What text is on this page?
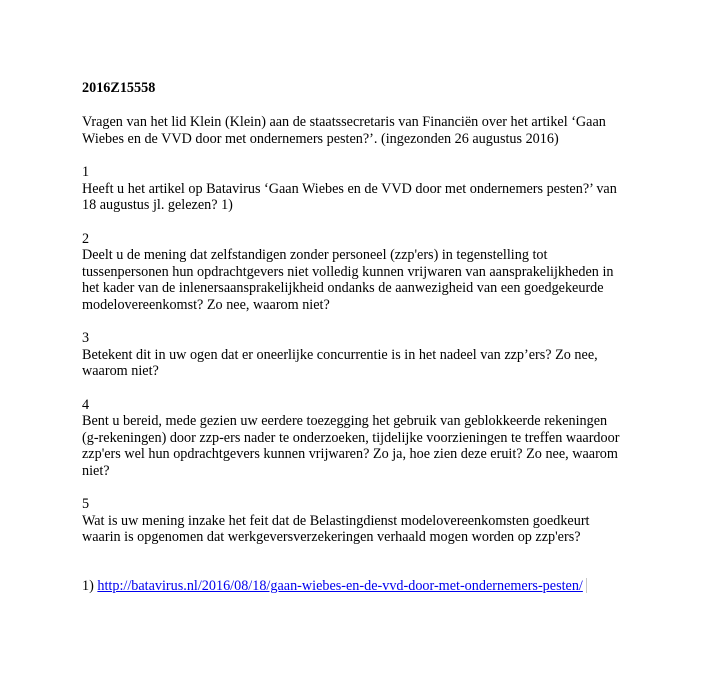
2016Z15558

Vragen van het lid Klein (Klein) aan de staatssecretaris van Financiën over het artikel ‘Gaan Wiebes en de VVD door met ondernemers pesten?’. (ingezonden 26 augustus 2016)

1
Heeft u het artikel op Batavirus ‘Gaan Wiebes en de VVD door met ondernemers pesten?’ van 18 augustus jl. gelezen? 1)
2
Deelt u de mening dat zelfstandigen zonder personeel (zzp'ers) in tegenstelling tot tussenpersonen hun opdrachtgevers niet volledig kunnen vrijwaren van aansprakelijkheden in het kader van de inlenersaansprakelijkheid ondanks de aanwezigheid van een goedgekeurde modelovereenkomst? Zo nee, waarom niet?
3
Betekent dit in uw ogen dat er oneerlijke concurrentie is in het nadeel van zzp’ers? Zo nee, waarom niet?
4
Bent u bereid, mede gezien uw eerdere toezegging het gebruik van geblokkeerde rekeningen (g-rekeningen) door zzp-ers nader te onderzoeken, tijdelijke voorzieningen te treffen waardoor zzp'ers wel hun opdrachtgevers kunnen vrijwaren? Zo ja, hoe zien deze eruit? Zo nee, waarom niet?
5
Wat is uw mening inzake het feit dat de Belastingdienst modelovereenkomsten goedkeurt waarin is opgenomen dat werkgeversverzekeringen verhaald mogen worden op zzp'ers?
1) http://batavirus.nl/2016/08/18/gaan-wiebes-en-de-vvd-door-met-ondernemers-pesten/
